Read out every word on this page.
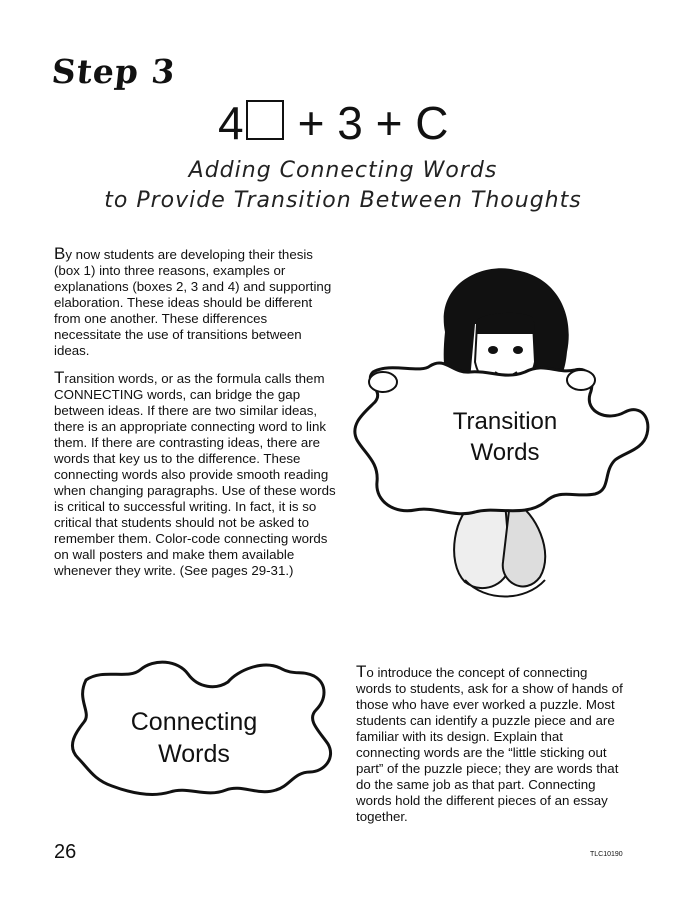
Step 3
4 + 3 + C
Adding Connecting Words
to Provide Transition Between Thoughts
By now students are developing their thesis (box 1) into three reasons, examples or explanations (boxes 2, 3 and 4) and supporting elaboration. These ideas should be different from one another. These differences necessitate the use of transitions between ideas.
Transition words, or as the formula calls them CONNECTING words, can bridge the gap between ideas. If there are two similar ideas, there is an appropriate connecting word to link them. If there are contrasting ideas, there are words that key us to the difference. These connecting words also provide smooth reading when changing paragraphs. Use of these words is critical to successful writing. In fact, it is so critical that students should not be asked to remember them. Color-code connecting words on wall posters and make them available whenever they write. (See pages 29-31.)
To introduce the concept of connecting words to students, ask for a show of hands of those who have ever worked a puzzle. Most students can identify a puzzle piece and are familiar with its design. Explain that connecting words are the “little sticking out part” of the puzzle piece; they are words that do the same job as that part. Connecting words hold the different pieces of an essay together.
Transition
Words
Connecting
Words
26	TLC10190
